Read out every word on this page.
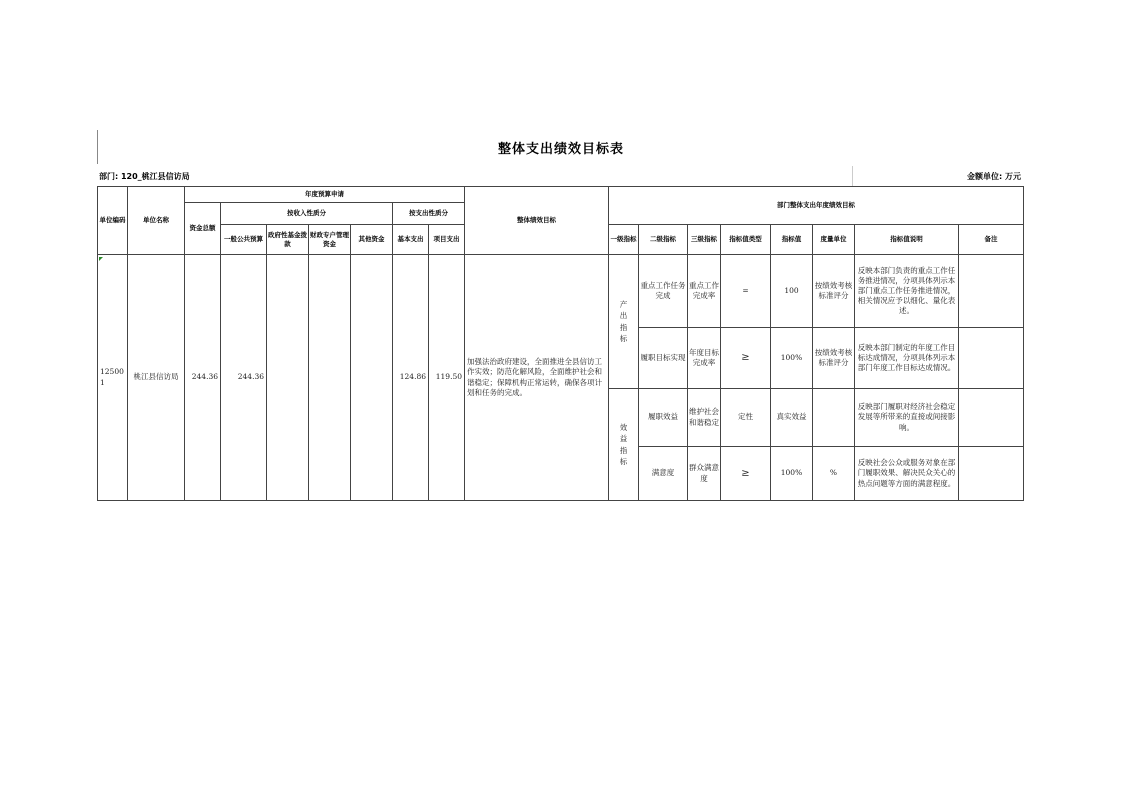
整体支出绩效目标表
部门: 120_桃江县信访局	金额单位: 万元
单位编码	单位名称	年度预算申请							整体绩效目标	部门整体支出年度绩效目标							
		资金总额	按收入性质分				按支出性质分										
			一般公共预算	政府性基金拨款	财政专户管理资金	其他资金	基本支出	项目支出		一级指标	二级指标	三级指标	指标值类型	指标值	度量单位	指标值说明	备注

125001	桃江县信访局	244.36	244.36				124.86	119.50	加强法治政府建设，全面推进全县信访工作实效；防范化解风险，全面维护社会和谐稳定；保障机构正常运转，确保各项计划和任务的完成。	产出指标	重点工作任务完成	重点工作完成率	=	100	按绩效考核标准评分	反映本部门负责的重点工作任务推进情况，分项具体列示本部门重点工作任务推进情况，相关情况应予以细化、量化表述。	
											履职目标实现	年度目标完成率	≥	100%	按绩效考核标准评分	反映本部门制定的年度工作目标达成情况，分项具体列示本部门年度工作目标达成情况。	
										效益指标	履职效益	维护社会和谐稳定	定性	真实效益		反映部门履职对经济社会稳定发展等所带来的直接或间接影响。	
											满意度	群众满意度	≥	100%	%	反映社会公众或服务对象在部门履职效果、解决民众关心的热点问题等方面的满意程度。	
